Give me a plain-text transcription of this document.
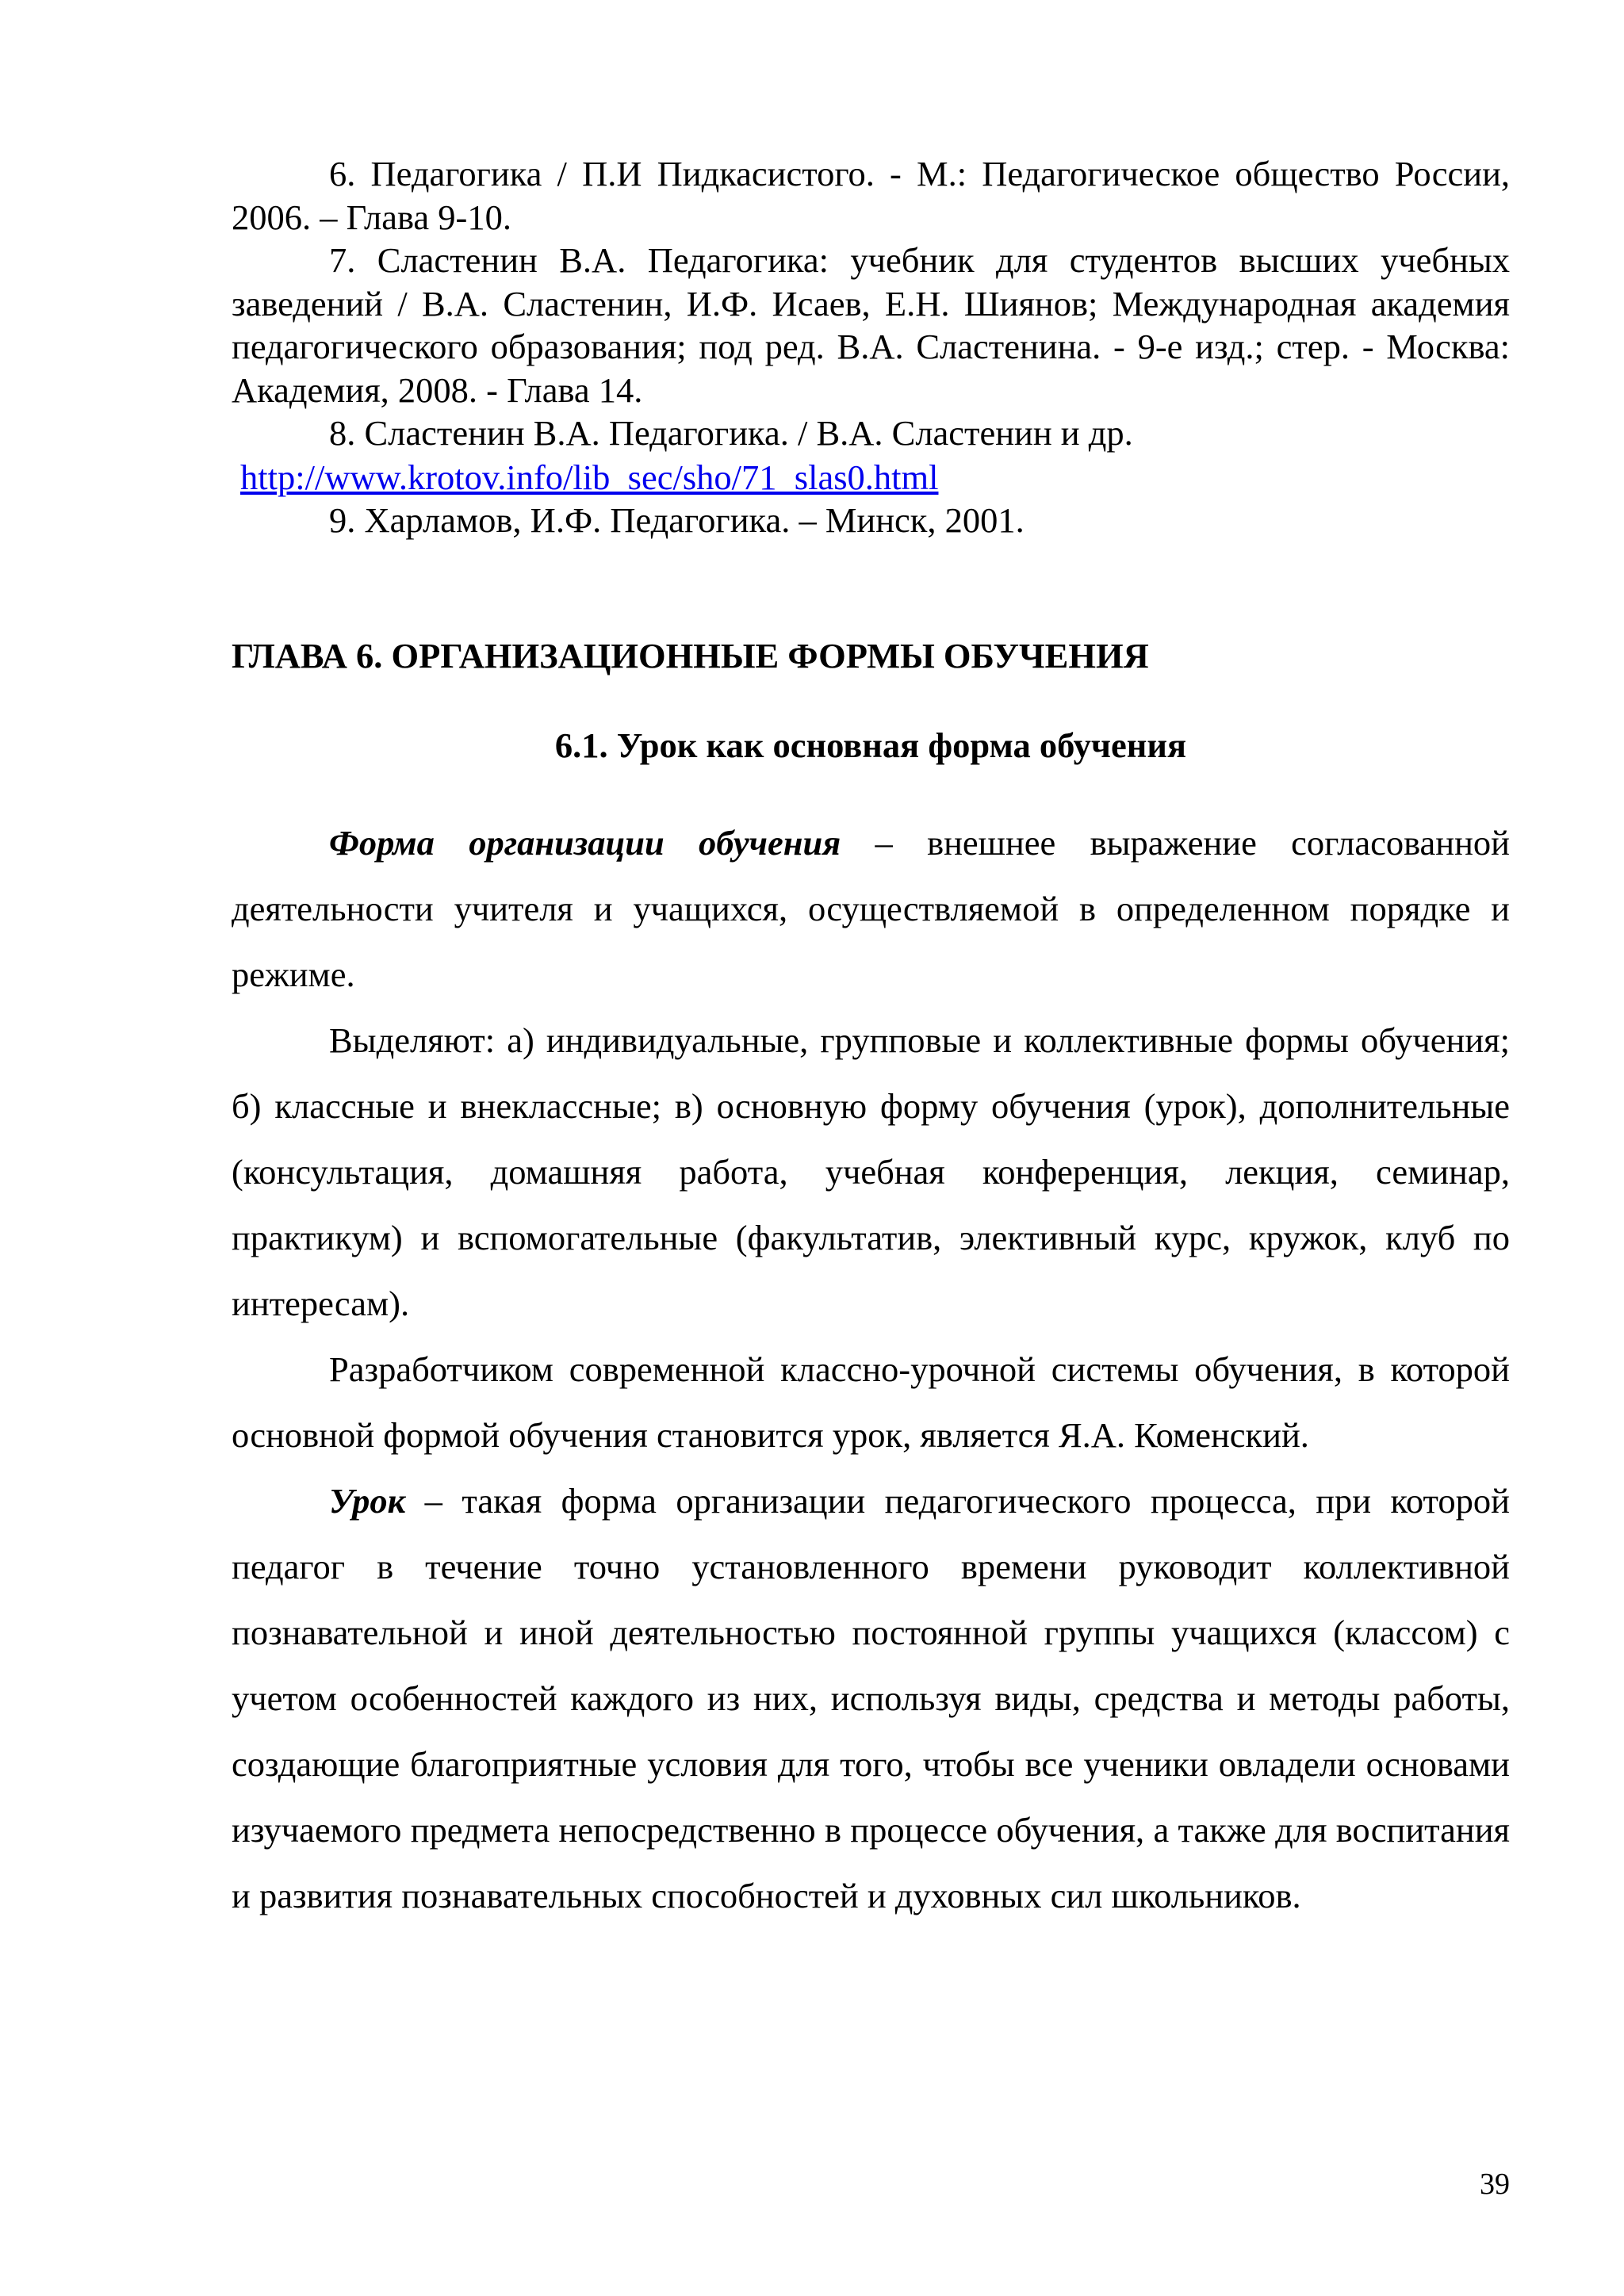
6. Педагогика / П.И Пидкасистого. - М.: Педагогическое общество России, 2006. – Глава 9-10.

7. Сластенин В.А. Педагогика: учебник для студентов высших учебных заведений / В.А. Сластенин, И.Ф. Исаев, Е.Н. Шиянов; Международная академия педагогического образования; под ред. В.А. Сластенина. - 9-е изд.; стер. - Москва: Академия, 2008. - Глава 14.

8. Сластенин В.А. Педагогика. / В.А. Сластенин и др.

http://www.krotov.info/lib_sec/sho/71_slas0.html

9. Харламов, И.Ф. Педагогика. – Минск, 2001.

ГЛАВА 6. ОРГАНИЗАЦИОННЫЕ ФОРМЫ ОБУЧЕНИЯ
6.1. Урок как основная форма обучения

Форма организации обучения – внешнее выражение согласованной деятельности учителя и учащихся, осуществляемой в определенном порядке и режиме.

Выделяют: а) индивидуальные, групповые и коллективные формы обучения; б) классные и внеклассные; в) основную форму обучения (урок), дополнительные (консультация, домашняя работа, учебная конференция, лекция, семинар, практикум) и вспомогательные (факультатив, элективный курс, кружок, клуб по интересам).

Разработчиком современной классно-урочной системы обучения, в которой основной формой обучения становится урок, является Я.А. Коменский.

Урок – такая форма организации педагогического процесса, при которой педагог в течение точно установленного времени руководит коллективной познавательной и иной деятельностью постоянной группы учащихся (классом) с учетом особенностей каждого из них, используя виды, средства и методы работы, создающие благоприятные условия для того, чтобы все ученики овладели основами изучаемого предмета непосредственно в процессе обучения, а также для воспитания и развития познавательных способностей и духовных сил школьников.

39
